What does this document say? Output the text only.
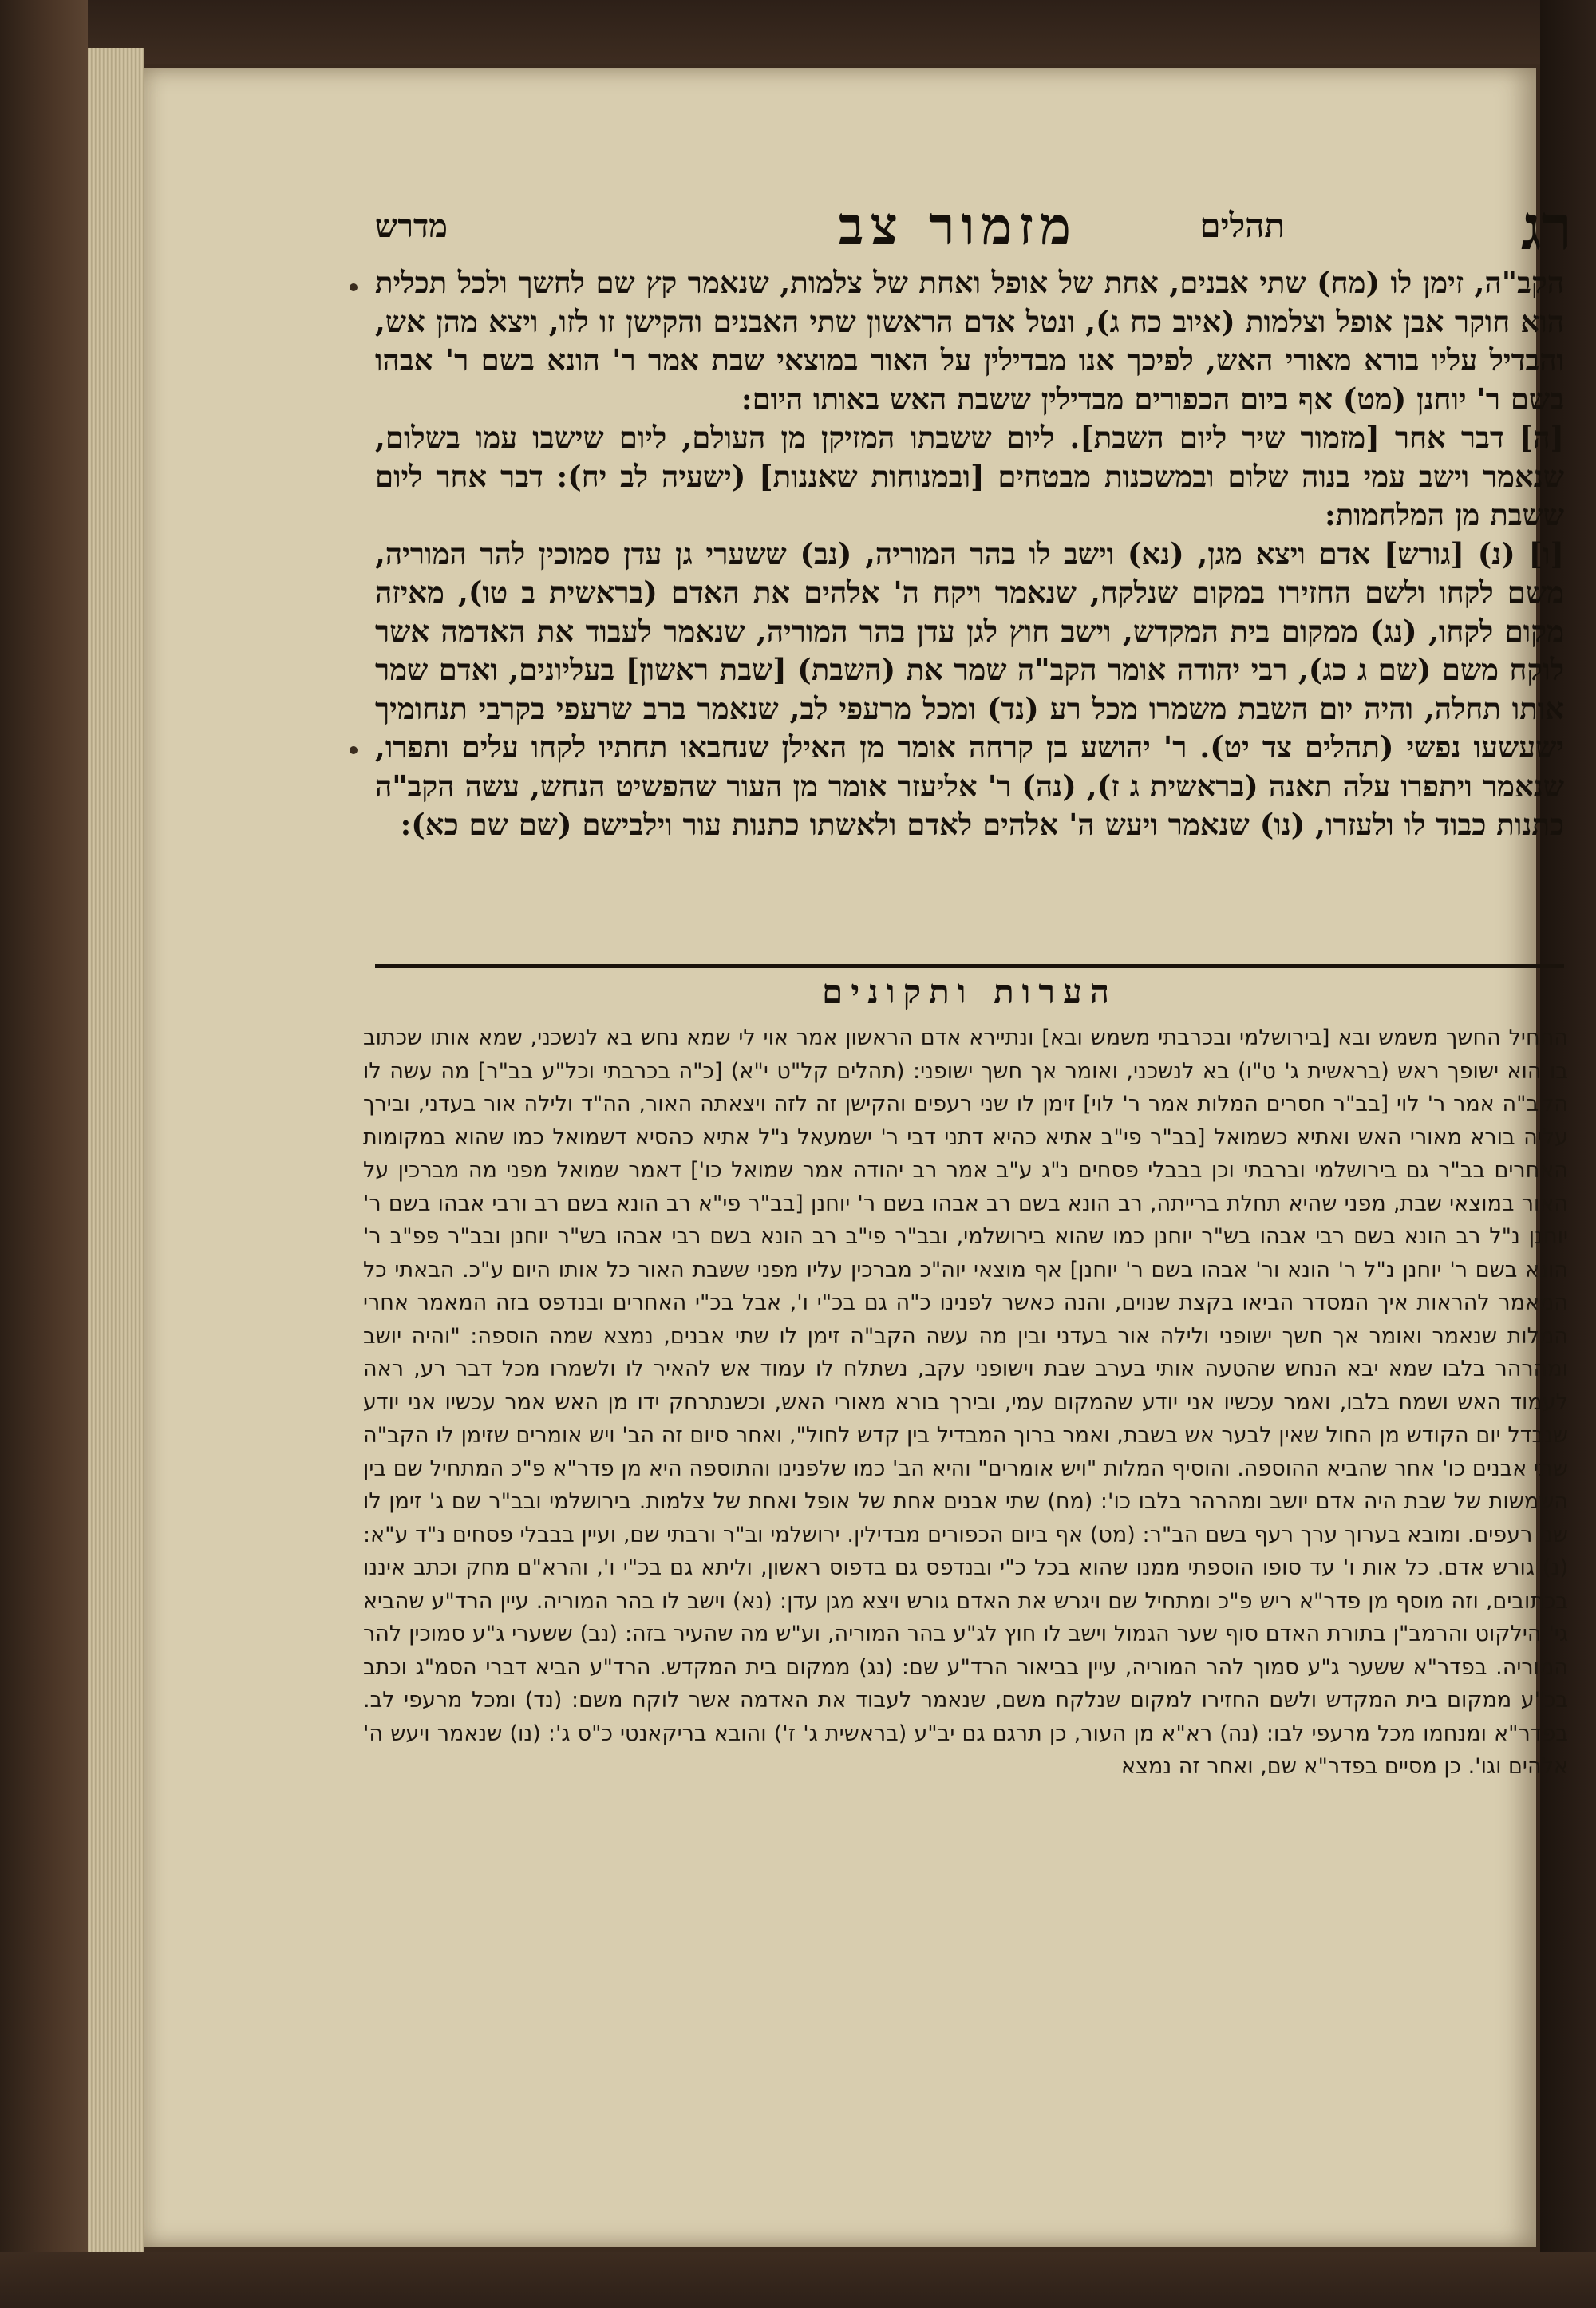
רג
מזמור צב	תהלים
מדרש

הקב"ה, זימן לו (מח) שתי אבנים, אחת של אופל ואחת של צלמות, שנאמר קץ שם לחשך ולכל תכלית הוא חוקר אבן אופל וצלמות (איוב כח ג), ונטל אדם הראשון שתי האבנים והקישן זו לזו, ויצא מהן אש, והבדיל עליו בורא מאורי האש, לפיכך אנו מבדילין על האור במוצאי שבת אמר ר' הונא בשם ר' אבהו בשם ר' יוחנן (מט) אף ביום הכפורים מבדילין ששבת האש באותו היום:

[ה] דבר אחר [מזמור שיר ליום השבת]. ליום ששבתו המזיקן מן העולם, ליום שישבו עמו בשלום, שנאמר וישב עמי בנוה שלום ובמשכנות מבטחים [ובמנוחות שאננות] (ישעיה לב יח): דבר אחר ליום ששבת מן המלחמות:

[ו] (נ) [גורש] אדם ויצא מגן, (נא) וישב לו בהר המוריה, (נב) ששערי גן עדן סמוכין להר המוריה, משם לקחו ולשם החזירו במקום שנלקח, שנאמר ויקח ה' אלהים את האדם (בראשית ב טו), מאיזה מקום לקחו, (נג) ממקום בית המקדש, וישב חוץ לגן עדן בהר המוריה, שנאמר לעבוד את האדמה אשר לוקח משם (שם ג כג), רבי יהודה אומר הקב"ה שמר את (השבת) [שבת ראשון] בעליונים, ואדם שמר אותו תחלה, והיה יום השבת משמרו מכל רע (נד) ומכל מרעפי לב, שנאמר ברב שרעפי בקרבי תנחומיך ישעשעו נפשי (תהלים צד יט). ר' יהושע בן קרחה אומר מן האילן שנחבאו תחתיו לקחו עלים ותפרו, שנאמר ויתפרו עלה תאנה (בראשית ג ז), (נה) ר' אליעזר אומר מן העור שהפשיט הנחש, עשה הקב"ה כתנות כבוד לו ולעזרו, (נו) שנאמר ויעש ה' אלהים לאדם ולאשתו כתנות עור וילבישם (שם שם כא):

הערות ותקונים

התחיל החשך משמש ובא [בירושלמי ובכרבתי משמש ובא] ונתיירא אדם הראשון אמר אוי לי שמא נחש בא לנשכני, שמא אותו שכתוב בו הוא ישופך ראש (בראשית ג' ט"ו) בא לנשכני, ואומר אך חשך ישופני: (תהלים קל"ט י"א) [כ"ה בכרבתי וכל"ע בב"ר] מה עשה לו הקב"ה אמר ר' לוי [בב"ר חסרים המלות אמר ר' לוי] זימן לו שני רעפים והקישן זה לזה ויצאתה האור, הה"ד ולילה אור בעדני, ובירך עליה בורא מאורי האש ואתיא כשמואל [בב"ר פי"ב אתיא כהיא דתני דבי ר' ישמעאל נ"ל אתיא כהסיא דשמואל כמו שהוא במקומות האחרים בב"ר גם בירושלמי וברבתי וכן בבבלי פסחים נ"ג ע"ב אמר רב יהודה אמר שמואל כו'] דאמר שמואל מפני מה מברכין על האור במוצאי שבת, מפני שהיא תחלת ברייתה, רב הונא בשם רב אבהו בשם ר' יוחנן [בב"ר פי"א רב הונא בשם רב ורבי אבהו בשם ר' יוחנן נ"ל רב הונא בשם רבי אבהו בש"ר יוחנן כמו שהוא בירושלמי, ובב"ר פי"ב רב הונא בשם רבי אבהו בש"ר יוחנן ובב"ר פפ"ב ר' הונא בשם ר' יוחנן נ"ל ר' הונא ור' אבהו בשם ר' יוחנן] אף מוצאי יוה"כ מברכין עליו מפני ששבת האור כל אותו היום ע"כ. הבאתי כל המאמר להראות איך המסדר הביאו בקצת שנוים, והנה כאשר לפנינו כ"ה גם בכ"י ו', אבל בכ"י האחרים ובנדפס בזה המאמר אחרי המלות שנאמר ואומר אך חשך ישופני ולילה אור בעדני ובין מה עשה הקב"ה זימן לו שתי אבנים, נמצא שמה הוספה: "והיה יושב ומהרהר בלבו שמא יבא הנחש שהטעה אותי בערב שבת וישופני עקב, נשתלח לו עמוד אש להאיר לו ולשמרו מכל דבר רע, ראה לעמוד האש ושמח בלבו, ואמר עכשיו אני יודע שהמקום עמי, ובירך בורא מאורי האש, וכשנתרחק ידו מן האש אמר עכשיו אני יודע שנבדל יום הקודש מן החול שאין לבער אש בשבת, ואמר ברוך המבדיל בין קדש לחול", ואחר סיום זה הב' ויש אומרים שזימן לו הקב"ה שתי אבנים כו' אחר שהביא ההוספה. והוסיף המלות "ויש אומרים" והיא הב' כמו שלפנינו והתוספה היא מן פדר"א פ"כ המתחיל שם בין השמשות של שבת היה אדם יושב ומהרהר בלבו כו': (מח) שתי אבנים אחת של אופל ואחת של צלמות. בירושלמי ובב"ר שם ג' זימן לו שני רעפים. ומובא בערוך ערך רעף בשם הב"ר: (מט) אף ביום הכפורים מבדילין. ירושלמי וב"ר ורבתי שם, ועיין בבבלי פסחים נ"ד ע"א: (נ) גורש אדם. כל אות ו' עד סופו הוספתי ממנו שהוא בכל כ"י ובנדפס גם בדפוס ראשון, וליתא גם בכ"י ו', והרא"ם מחק וכתב איננו בכתובים, וזה מוסף מן פדר"א ריש פ"כ ומתחיל שם ויגרש את האדם גורש ויצא מגן עדן: (נא) וישב לו בהר המוריה. עיין הרד"ע שהביא גי' הילקוט והרמב"ן בתורת האדם סוף שער הגמול וישב לו חוץ לג"ע בהר המוריה, וע"ש מה שהעיר בזה: (נב) ששערי ג"ע סמוכין להר המוריה. בפדר"א ששער ג"ע סמוך להר המוריה, עיין בביאור הרד"ע שם: (נג) ממקום בית המקדש. הרד"ע הביא דברי הסמ"ג וכתב בכ"ע ממקום בית המקדש ולשם החזירו למקום שנלקח משם, שנאמר לעבוד את האדמה אשר לוקח משם: (נד) ומכל מרעפי לב. בפדר"א ומנחמו מכל מרעפי לבו: (נה) רא"א מן העור, כן תרגם גם יב"ע (בראשית ג' ז') והובא בריקאנטי כ"ס ג': (נו) שנאמר ויעש ה' אלהים וגו'. כן מסיים בפדר"א שם, ואחר זה נמצא
